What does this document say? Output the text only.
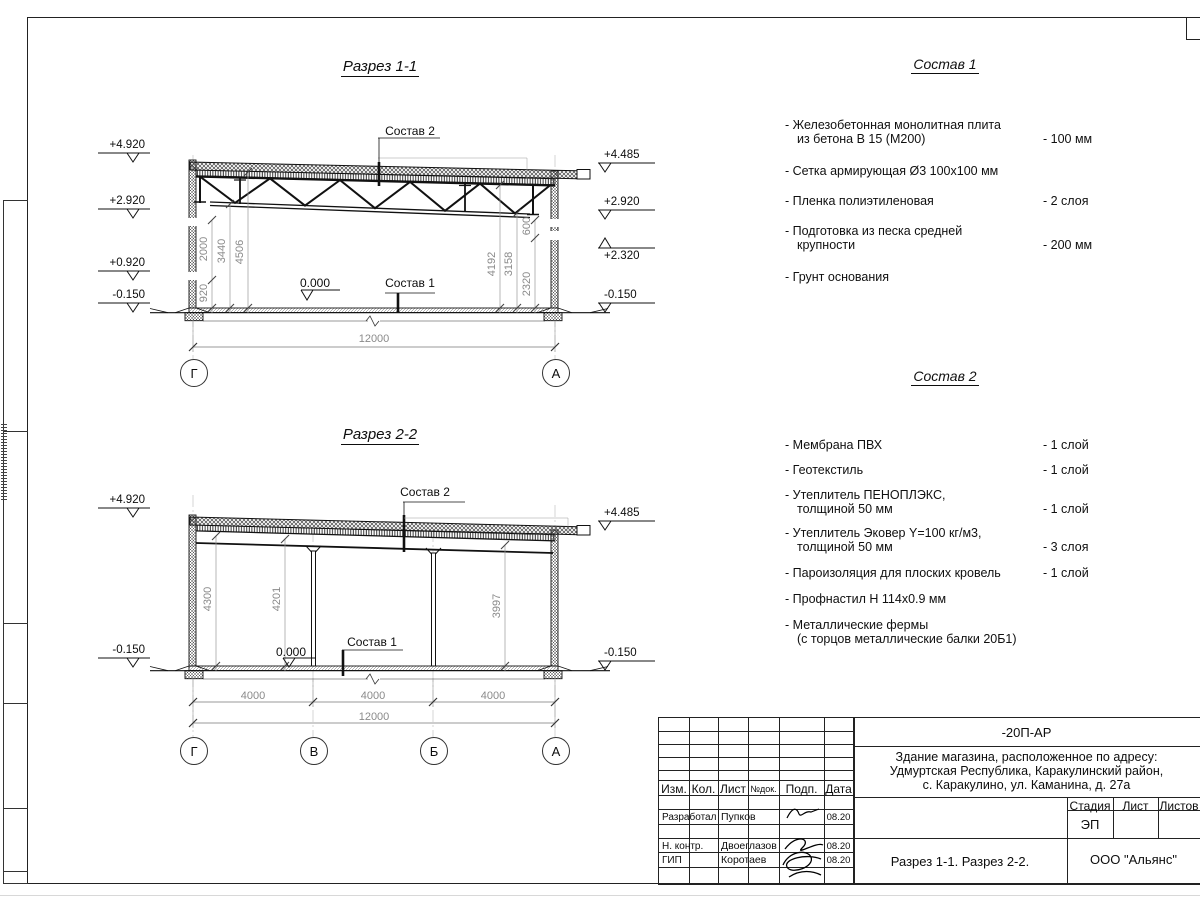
Разрез 1-1
Состав 2
Состав 1
0.000
+4.920
+2.920
+0.920
-0.150
+4.485
+2.920
+2.320
-0.150
920
2000 3440 4506	4192 3158
2320
600
12000
Г	А
Разрез 2-2
Состав 2
Состав 1
0.000
+4.920
-0.150
+4.485
-0.150
4300	4201	3997
4000	4000	4000
12000
Г	В	Б	А
Состав 1
- Железобетонная монолитная плита
из бетона В 15 (М200)	- 100 мм
- Сетка армирующая Ø3 100х100 мм
- Пленка полиэтиленовая	- 2 слоя
- Подготовка из песка средней
крупности	- 200 мм
- Грунт основания
Состав 2
- Мембрана ПВХ	- 1 слой
- Геотекстиль	- 1 слой
- Утеплитель ПЕНОПЛЭКС,
толщиной 50 мм	- 1 слой
- Утеплитель Эковер Y=100 кг/м3,
толщиной 50 мм	- 3 слоя
- Пароизоляция для плоских кровель	- 1 слой
- Профнастил Н 114х0.9 мм
- Металлические фермы
(с торцов металлические балки 20Б1)
Изм. Кол. Лист №док. Подп. Дата
Разработал Пупков	08.20
Н. контр.	Двоеглазов	08.20
ГИП	Коротаев	08.20
-20П-АР
Здание магазина, расположенное по адресу:
Удмуртская Республика, Каракулинский район,
с. Каракулино, ул. Каманина, д. 27а
Стадия	Лист Листов
ЭП
Разрез 1-1. Разрез 2-2.	ООО "Альянс"
